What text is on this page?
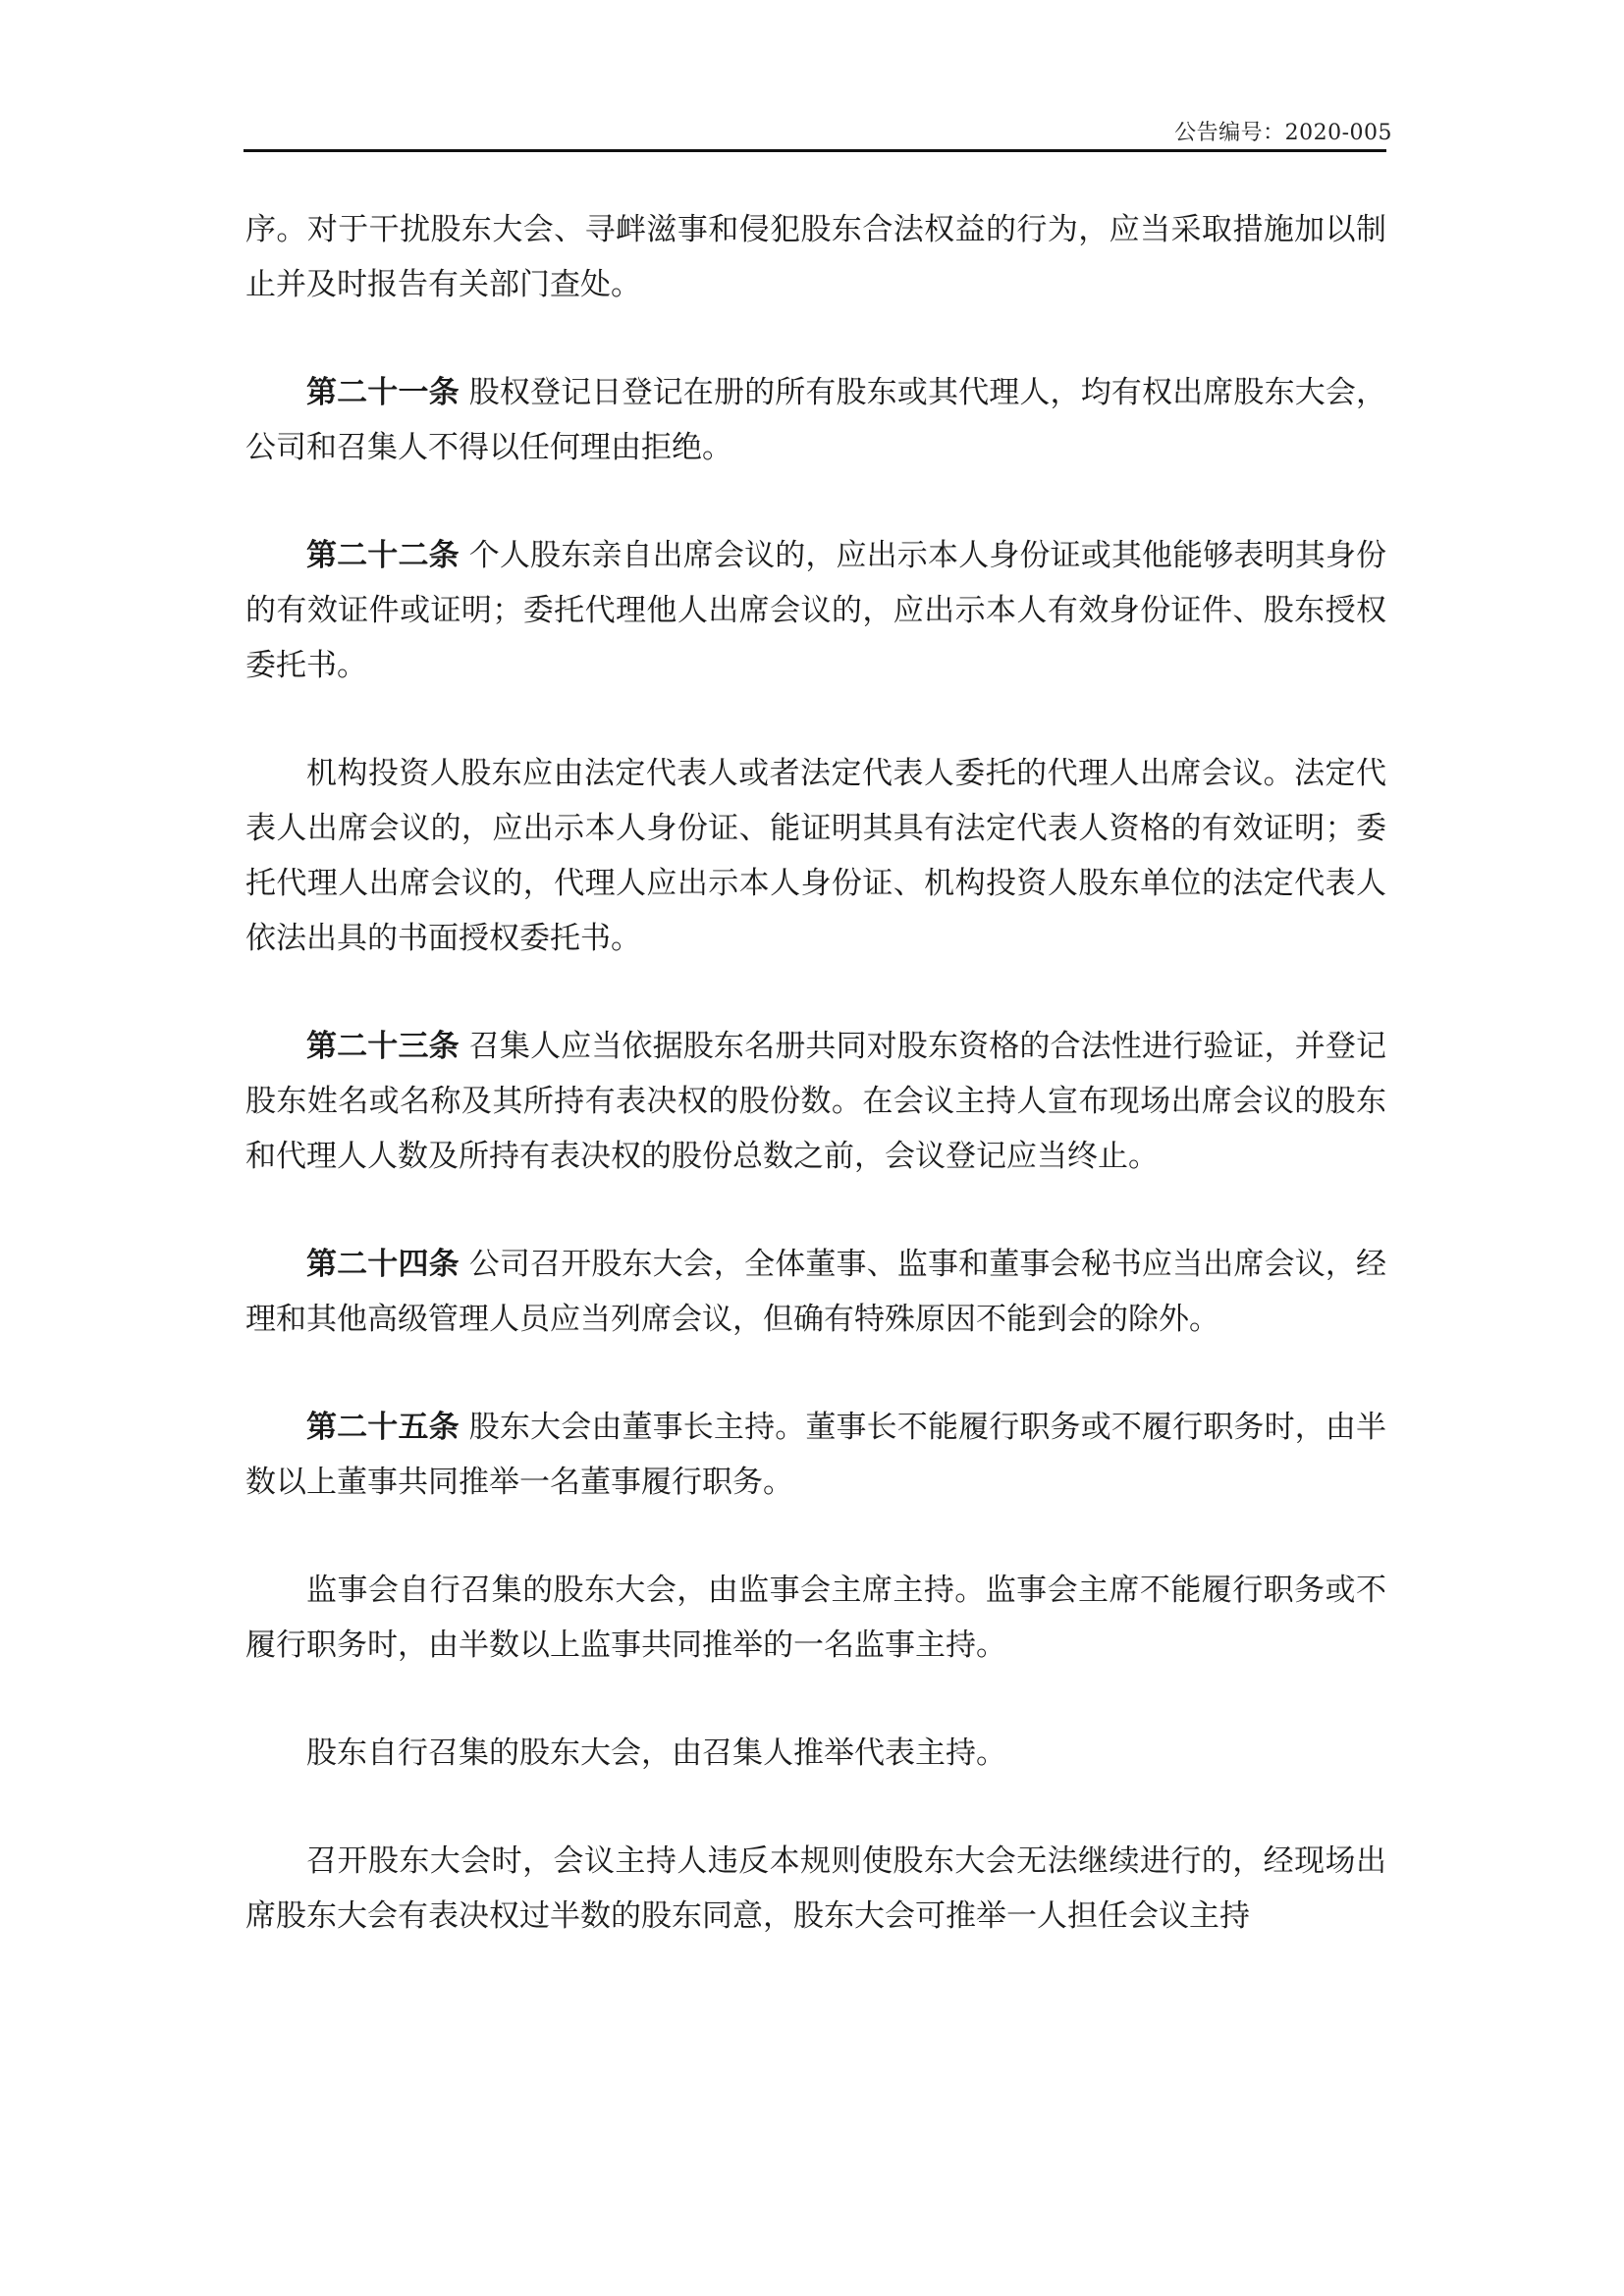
公告编号：2020-005

序。对于干扰股东大会、寻衅滋事和侵犯股东合法权益的行为，应当采取措施加以制止并及时报告有关部门查处。

第二十一条 股权登记日登记在册的所有股东或其代理人，均有权出席股东大会，公司和召集人不得以任何理由拒绝。

第二十二条 个人股东亲自出席会议的，应出示本人身份证或其他能够表明其身份的有效证件或证明；委托代理他人出席会议的，应出示本人有效身份证件、股东授权委托书。

机构投资人股东应由法定代表人或者法定代表人委托的代理人出席会议。法定代表人出席会议的，应出示本人身份证、能证明其具有法定代表人资格的有效证明；委托代理人出席会议的，代理人应出示本人身份证、机构投资人股东单位的法定代表人依法出具的书面授权委托书。

第二十三条 召集人应当依据股东名册共同对股东资格的合法性进行验证，并登记股东姓名或名称及其所持有表决权的股份数。在会议主持人宣布现场出席会议的股东和代理人人数及所持有表决权的股份总数之前，会议登记应当终止。

第二十四条 公司召开股东大会，全体董事、监事和董事会秘书应当出席会议，经理和其他高级管理人员应当列席会议，但确有特殊原因不能到会的除外。

第二十五条 股东大会由董事长主持。董事长不能履行职务或不履行职务时，由半数以上董事共同推举一名董事履行职务。

监事会自行召集的股东大会，由监事会主席主持。监事会主席不能履行职务或不履行职务时，由半数以上监事共同推举的一名监事主持。

股东自行召集的股东大会，由召集人推举代表主持。

召开股东大会时，会议主持人违反本规则使股东大会无法继续进行的，经现场出席股东大会有表决权过半数的股东同意，股东大会可推举一人担任会议主持
